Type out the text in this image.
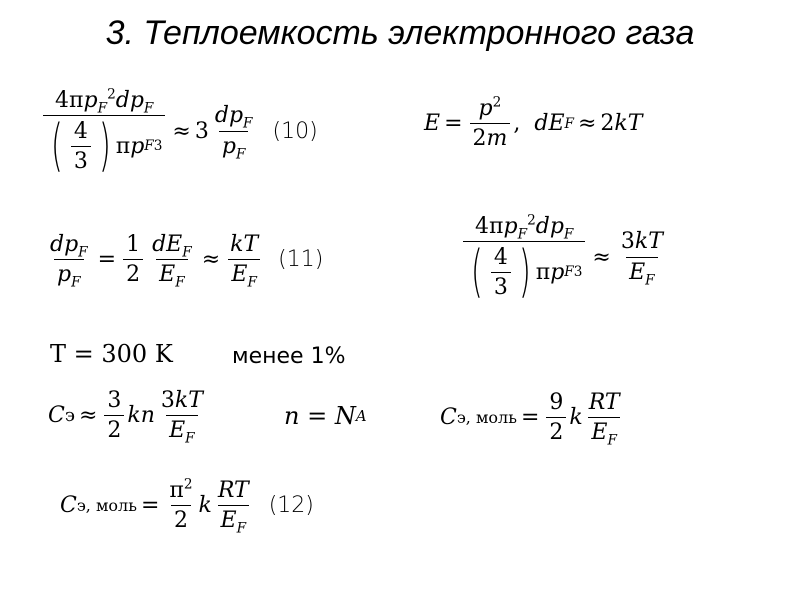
3. Теплоемкость электронного газа
$\frac{4\pi p_F^2dp_F}{( \frac{4}{3} ) \pi p F 3} \approx 3 \frac{dp_F}{p_F} (10)$	$E = \frac{p^2}{2m}$ , dE F ≈ 2 kT
$\frac{dp_F}{p_F} = \frac{1}{2} \frac{dE_F}{E_F} \approx \frac{kT}{E_F} (11)$	$\frac{4\pi p_F^2dp_F}{( \frac{4}{3} ) \pi p F 3} \approx \frac{3kT}{E_F}$
T = 300 K	менее 1%
C $э \approx \frac{3}{2}$ kn $\frac{3kT}{E_F}$	n = N A	C э, моль = $\frac{9}{2}$ k $\frac{RT}{E_F}$
C э, моль = $\frac{\pi^2}{2}$ k $\frac{RT}{E_F} (12)$
